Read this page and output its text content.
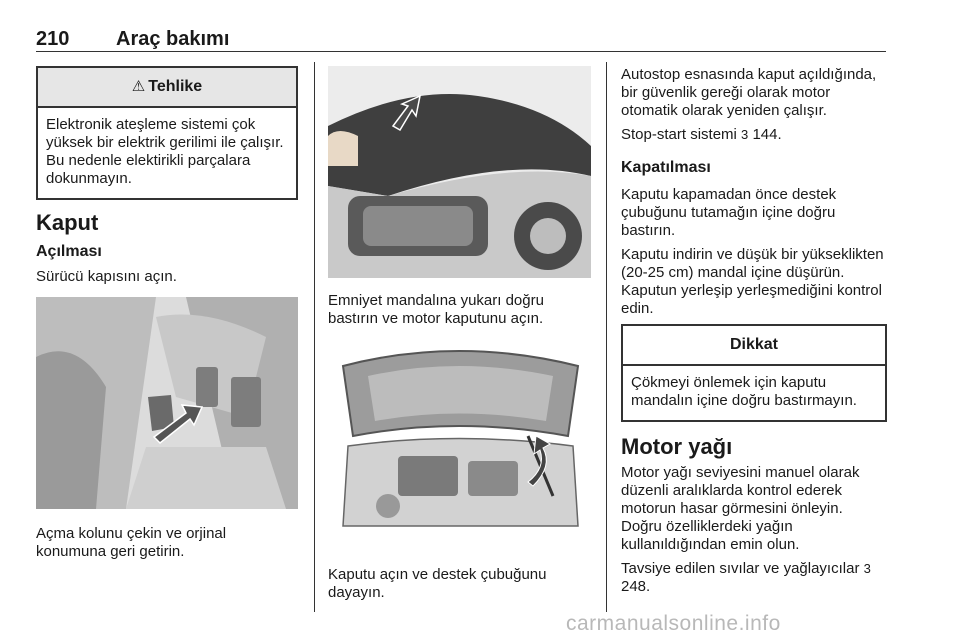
210 Araç bakımı
⚠ Tehlike

Elektronik ateşleme sistemi çok yüksek bir elektrik gerilimi ile çalışır. Bu nedenle elektirikli parçalara dokunmayın.

Kaput
Açılması

Sürücü kapısını açın.

Açma kolunu çekin ve orjinal konumuna geri getirin.

Emniyet mandalına yukarı doğru bastırın ve motor kaputunu açın.

Kaputu açın ve destek çubuğunu dayayın.

Autostop esnasında kaput açıldığında, bir güvenlik gereği olarak motor otomatik olarak yeniden çalışır.

Stop-start sistemi 3 144.

Kapatılması

Kaputu kapamadan önce destek çubuğunu tutamağın içine doğru bastırın.

Kaputu indirin ve düşük bir yükseklikten (20-25 cm) mandal içine düşürün. Kaputun yerleşip yerleşmediğini kontrol edin.

Dikkat

Çökmeyi önlemek için kaputu mandalın içine doğru bastırmayın.

Motor yağı

Motor yağı seviyesini manuel olarak düzenli aralıklarda kontrol ederek motorun hasar görmesini önleyin. Doğru özelliklerdeki yağın kullanıldığından emin olun.

Tavsiye edilen sıvılar ve yağlayıcılar 3 248.

carmanualsonline.info
